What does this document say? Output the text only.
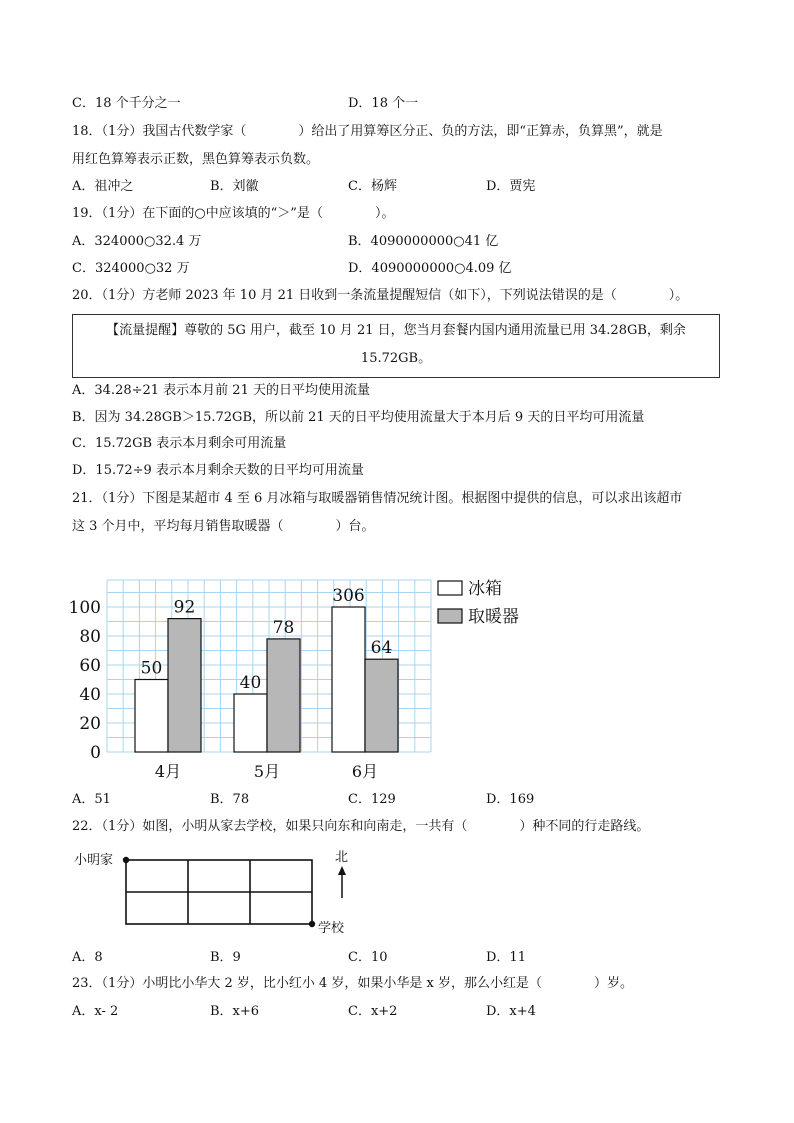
C．18 个千分之一	D．18 个一
18．（1分）我国古代数学家（　　　　）给出了用算筹区分正、负的方法，即“正算赤，负算黑”，就是
用红色算筹表示正数，黑色算筹表示负数。
A．祖冲之	B．刘徽	C．杨辉	D．贾宪
19．（1分）在下面的○中应该填的“＞”是（　　　　）。
A．324000○32.4 万	B．4090000000○41 亿
C．324000○32 万	D．4090000000○4.09 亿
20．（1分）方老师 2023 年 10 月 21 日收到一条流量提醒短信（如下），下列说法错误的是（　　　　）。
【流量提醒】尊敬的 5G 用户，截至 10 月 21 日，您当月套餐内国内通用流量已用 34.28GB，剩余
15.72GB。
A．34.28÷21 表示本月前 21 天的日平均使用流量
B．因为 34.28GB＞15.72GB，所以前 21 天的日平均使用流量大于本月后 9 天的日平均可用流量
C．15.72GB 表示本月剩余可用流量
D．15.72÷9 表示本月剩余天数的日平均可用流量
21．（1分）下图是某超市 4 至 6 月冰箱与取暖器销售情况统计图。根据图中提供的信息，可以求出该超市
这 3 个月中，平均每月销售取暖器（　　　　）台。
0
20
40
60
80
100
50
92
40
78
306
64
4月	5月	6月
冰箱
取暖器
A．51	B．78	C．129	D．169
22．（1分）如图，小明从家去学校，如果只向东和向南走，一共有（　　　　）种不同的行走路线。
小明家
学校
北
A．8	B．9	C．10	D．11
23．（1分）小明比小华大 2 岁，比小红小 4 岁，如果小华是 x 岁，那么小红是（　　　　）岁。
A．x- 2	B．x+6	C．x+2	D．x+4
